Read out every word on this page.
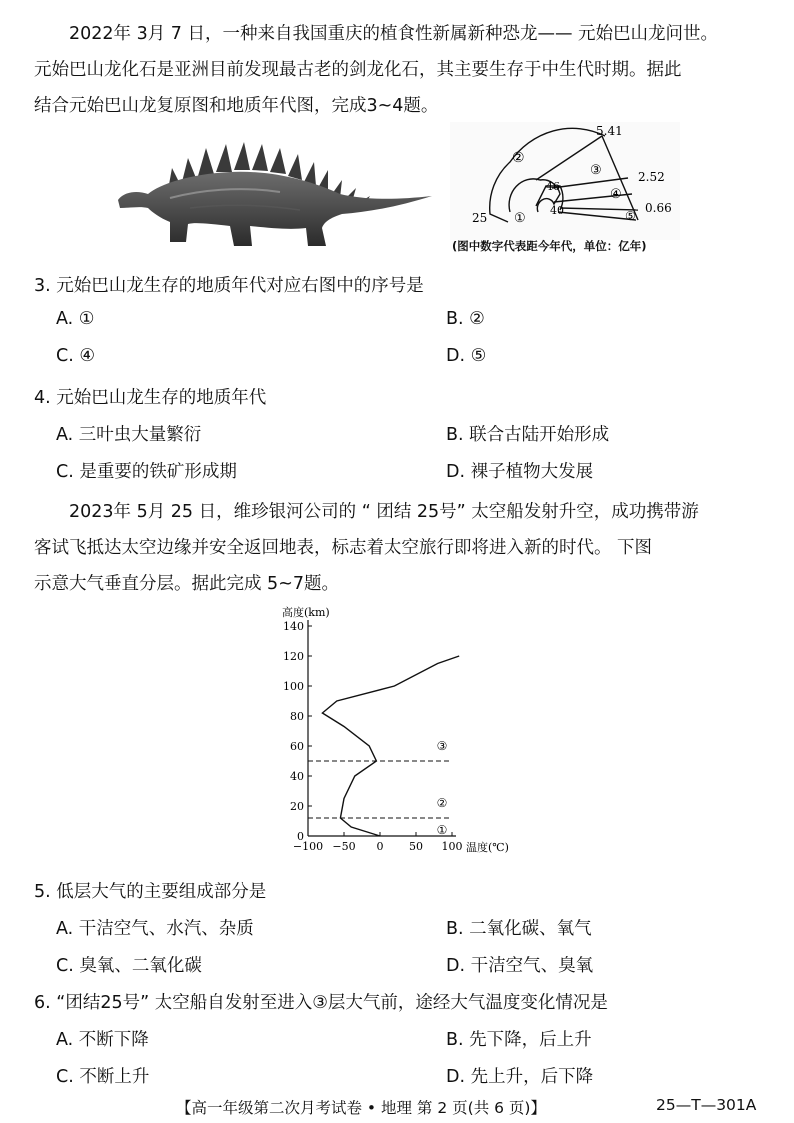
2022年 3月 7 日，一种来自我国重庆的植食性新属新种恐龙—— 元始巴山龙问世。

元始巴山龙化石是亚洲目前发现最古老的剑龙化石，其主要生存于中生代时期。据此

结合元始巴山龙复原图和地质年代图，完成3~4题。

②
③
④
⑤
①
5.41
2.52
0.66
46
40
25
(图中数字代表距今年代，单位：亿年)
3. 元始巴山龙生存的地质年代对应右图中的序号是
A. ①	B. ②
C. ④	D. ⑤
4. 元始巴山龙生存的地质年代
A. 三叶虫大量繁衍	B. 联合古陆开始形成
C. 是重要的铁矿形成期	D. 裸子植物大发展

2023年 5月 25 日，维珍银河公司的 “ 团结 25号” 太空船发射升空，成功携带游

客试飞抵达太空边缘并安全返回地表，标志着太空旅行即将进入新的时代。 下图

示意大气垂直分层。据此完成 5~7题。

高度(km)
0
20
40
60
80
100
120
140
−100 −50 0 50 100
①
②
③
温度(℃)
5. 低层大气的主要组成部分是
A. 干洁空气、水汽、杂质	B. 二氧化碳、氧气
C. 臭氧、二氧化碳	D. 干洁空气、臭氧
6. “团结25号” 太空船自发射至进入③层大气前，途经大气温度变化情况是
A. 不断下降	B. 先下降，后上升
C. 不断上升	D. 先上升，后下降
【高一年级第二次月考试卷 • 地理 第 2 页(共 6 页)】	25—T—301A
